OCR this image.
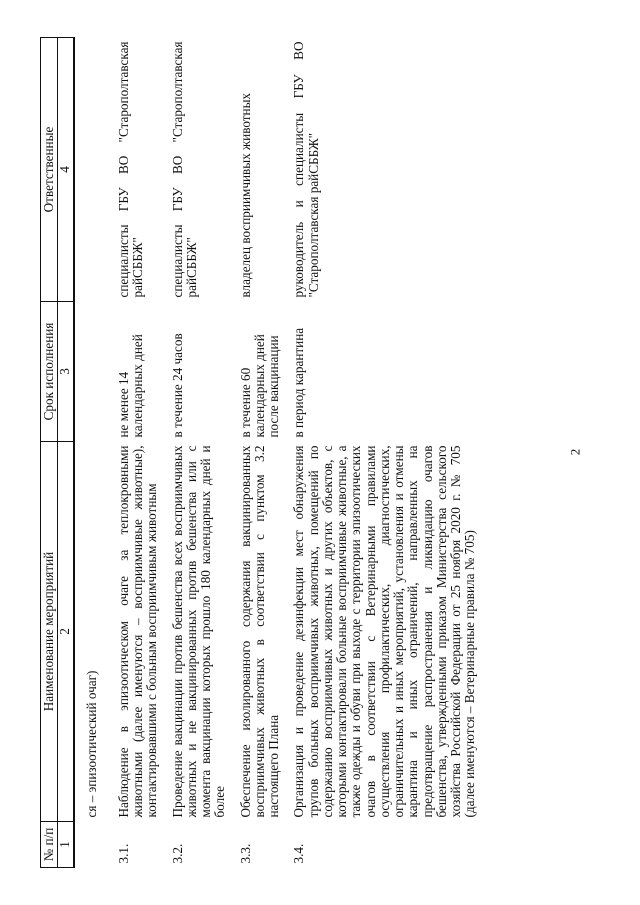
2
№ п/п	Наименование мероприятий	Срок исполнения	Ответственные
1	2	3	4
	ся – эпизоотический очаг)		
3.1.	Наблюдение в эпизоотическом очаге за теплокровными животными (далее именуются – восприимчивые животные), контактировавшими с больным восприимчивым животным	не менее 14 календарных дней	специалисты ГБУ ВО "Старополтавская райСББЖ"
3.2.	Проведение вакцинации против бешенства всех восприимчивых животных и не вакцинированных против бешенства или с момента вакцинации которых прошло 180 календарных дней и более	в течение 24 часов	специалисты ГБУ ВО "Старополтавская райСББЖ"
3.3.	Обеспечение изолированного содержания вакцинированных восприимчивых животных в соответствии с пунктом 3.2 настоящего Плана	в течение 60 календарных дней после вакцинации	владелец восприимчивых животных
3.4.	Организация и проведение дезинфекции мест обнаружения трупов больных восприимчивых животных, помещений по содержанию восприимчивых животных и других объектов, с которыми контактировали больные восприимчивые животные, а также одежды и обуви при выходе с территории эпизоотических очагов в соответствии с Ветеринарными правилами осуществления профилактических, диагностических, ограничительных и иных мероприятий, установления и отмены карантина и иных ограничений, направленных на предотвращение распространения и ликвидацию очагов бешенства, утвержденными приказом Министерства сельского хозяйства Российской Федерации от 25 ноября 2020 г. № 705 (далее именуются – Ветеринарные правила № 705)	в период карантина	руководитель и специалисты ГБУ ВО "Старополтавская райСББЖ"
